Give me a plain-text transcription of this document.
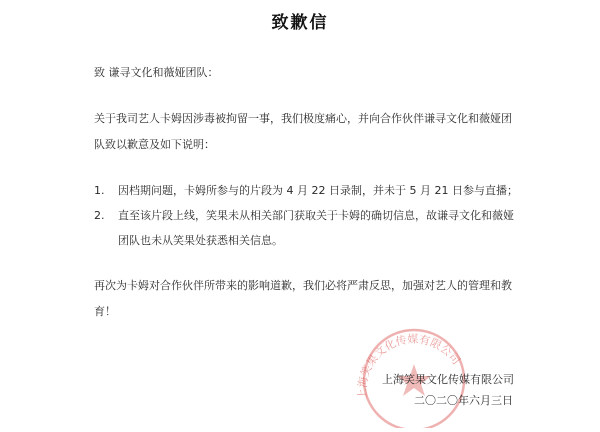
致歉信
致 谦寻文化和薇娅团队：
关于我司艺人卡姆因涉毒被拘留一事，我们极度痛心，并向合作伙伴谦寻文化和薇娅团
队致以歉意及如下说明：
1. 因档期问题，卡姆所参与的片段为 4 月 22 日录制，并未于 5 月 21 日参与直播；
2. 直至该片段上线，笑果未从相关部门获取关于卡姆的确切信息，故谦寻文化和薇娅
团队也未从笑果处获悉相关信息。
再次为卡姆对合作伙伴所带来的影响道歉，我们必将严肃反思，加强对艺人的管理和教
育！
上海笑果文化传媒有限公司
上海笑果文化传媒有限公司
二〇二〇年六月三日
